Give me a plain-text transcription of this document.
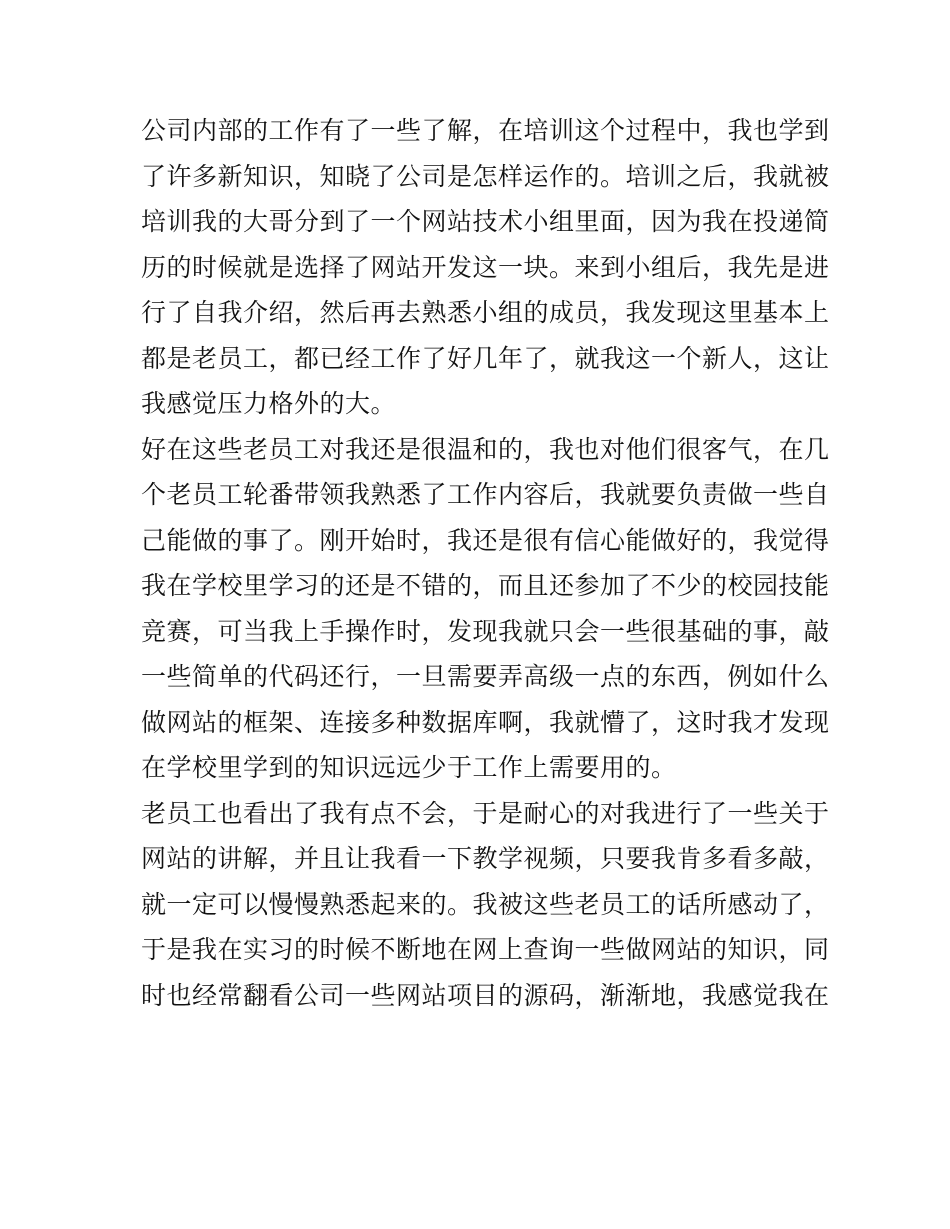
公司内部的工作有了一些了解，在培训这个过程中，我也学到
了许多新知识，知晓了公司是怎样运作的。培训之后，我就被
培训我的大哥分到了一个网站技术小组里面，因为我在投递简
历的时候就是选择了网站开发这一块。来到小组后，我先是进
行了自我介绍，然后再去熟悉小组的成员，我发现这里基本上
都是老员工，都已经工作了好几年了，就我这一个新人，这让
我感觉压力格外的大。
好在这些老员工对我还是很温和的，我也对他们很客气，在几
个老员工轮番带领我熟悉了工作内容后，我就要负责做一些自
己能做的事了。刚开始时，我还是很有信心能做好的，我觉得
我在学校里学习的还是不错的，而且还参加了不少的校园技能
竞赛，可当我上手操作时，发现我就只会一些很基础的事，敲
一些简单的代码还行，一旦需要弄高级一点的东西，例如什么
做网站的框架、连接多种数据库啊，我就懵了，这时我才发现
在学校里学到的知识远远少于工作上需要用的。
老员工也看出了我有点不会，于是耐心的对我进行了一些关于
网站的讲解，并且让我看一下教学视频，只要我肯多看多敲，
就一定可以慢慢熟悉起来的。我被这些老员工的话所感动了，
于是我在实习的时候不断地在网上查询一些做网站的知识，同
时也经常翻看公司一些网站项目的源码，渐渐地，我感觉我在
